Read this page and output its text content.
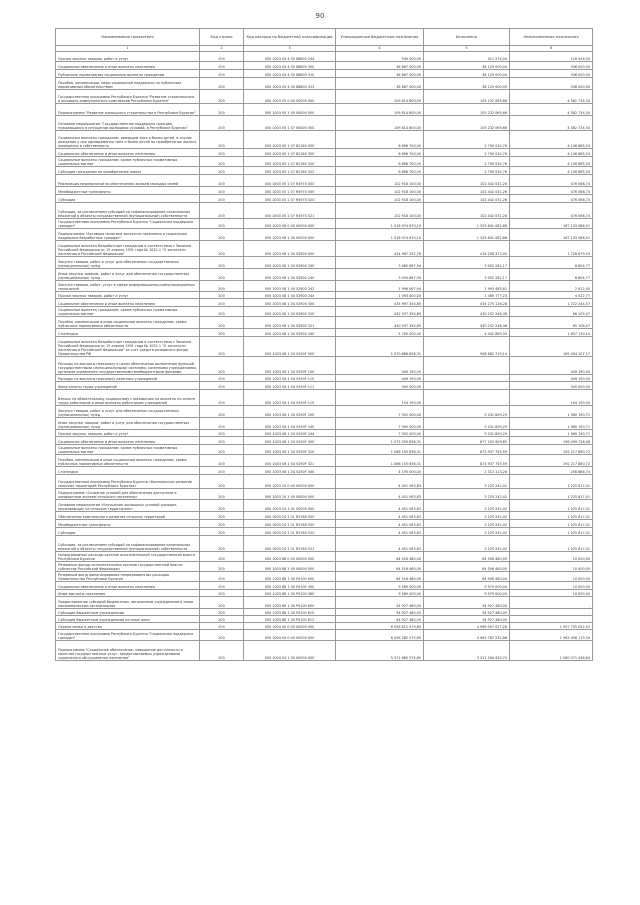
90
Наименование показателя	Код строки	Код расхода по бюджетной классификации	Утвержденные бюджетные назначения	Исполнено	Неисполненные назначения
1	2	3	4	5	6
Прочая закупка товаров, работ и услуг	200	000 1003 04 4 00 88800 244	530 000,00	411 574,00	118 426,00
Социальное обеспечение и иные выплаты населению	200	000 1003 04 4 00 88800 300	38 667 000,00	38 129 000,00	538 000,00
Публичные нормативные социальные выплаты гражданам	200	000 1003 04 4 00 88800 310	38 667 000,00	38 129 000,00	538 000,00
Пособия, компенсации, меры социальной поддержки по публичным нормативным обязательствам	200	000 1003 04 4 00 88800 313	38 667 000,00	38 129 000,00	538 000,00
Государственная программа Республики Бурятия "Развитие строительного и жилищно-коммунального комплексов Республики Бурятия"	200	000 1003 05 0 00 00000 000	109 814 800,00	105 232 065,66	4 582 734,34
Подпрограмма "Развитие жилищного строительства в Республике Бурятия"	200	000 1003 05 1 00 00000 000	109 814 800,00	105 232 065,66	4 582 734,34
Основное мероприятие "Государственная поддержка граждан, нуждающихся в улучшении жилищных условий, в Республике Бурятия"	200	000 1003 05 1 07 00000 000	109 814 800,00	105 232 065,66	4 582 734,34
Социальные выплаты гражданам, имеющим трех и более детей, в случае рождения у них одновременно трех и более детей на приобретение жилого помещения в собственность	200	000 1003 05 1 07 82160 000	6 896 700,00	2 790 034,76	4 106 665,24
Социальное обеспечение и иные выплаты населению	200	000 1003 05 1 07 82160 300	6 896 700,00	2 790 034,76	4 106 665,24
Социальные выплаты гражданам, кроме публичных нормативных социальных выплат	200	000 1003 05 1 07 82160 320	6 896 700,00	2 790 034,76	4 106 665,24
Субсидии гражданам на приобретение жилья	200	000 1003 05 1 07 82160 322	6 896 700,00	2 790 034,76	4 106 665,24
Реализация мероприятий по обеспечению жильем молодых семей	200	000 1003 05 1 07 R4970 000	102 918 100,00	102 442 031,26	476 068,74
Межбюджетные трансферты	200	000 1003 05 1 07 R4970 500	102 918 100,00	102 442 031,26	476 068,74
Субсидии	200	000 1003 05 1 07 R4970 520	102 918 100,00	102 442 031,26	476 068,74
Субсидии, за исключением субсидий на софинансирование капитальных вложений в объекты государственной (муниципальной) собственности	200	000 1003 05 1 07 R4970 521	102 918 100,00	102 442 031,26	476 068,74
Государственная программа Республики Бурятия "Социальная поддержка граждан"	200	000 1003 08 0 00 00000 000	1 516 974 670,10	1 329 841 082,68	187 133 586,51
Подпрограмма "Активная политика занятости населения и социальная поддержка безработных граждан"	200	000 1003 08 1 00 00000 000	1 516 974 670,10	1 329 841 082,68	187 133 586,51
Социальные выплаты безработным гражданам в соответствии с Законом Российской Федерации от 19 апреля 1991 года № 1032-1 "О занятости населения в Российской Федерации"	200	000 1003 08 1 04 52900 000	424 987 252,78	418 258 373,45	1 728 879,33
Закупка товаров, работ и услуг для обеспечения государственных (муниципальных) нужд	200	000 1003 08 1 04 52900 200	3 060 867,94	3 052 262,17	8 604,77
Иные закупки товаров, работ и услуг для обеспечения государственных (муниципальных) нужд	200	000 1003 08 1 04 52900 240	3 059 867,94	3 052 262,17	6 604,77
Закупка товаров, работ, услуг в сфере информационно-коммуникационных технологий	200	000 1003 08 1 04 52900 242	1 996 067,94	1 993 485,81	2 612,00
Прочая закупка товаров, работ и услуг	200	000 1003 08 1 04 52900 244	1 093 800,00	1 089 777,23	4 022,77
Социальное обеспечение и иные выплаты населению	200	000 1003 08 1 04 52900 300	435 997 354,85	434 275 116,28	1 722 244,57
Социальные выплаты гражданам, кроме публичных нормативных социальных выплат	200	000 1003 08 1 04 52900 320	432 297 354,85	430 232 246,38	66 105,47
Пособия, компенсации и иные социальные выплаты гражданам, кроме публичных нормативных обязательств	200	000 1003 08 1 04 52900 321	430 297 354,85	430 232 246,38	65 108,47
Стипендии	200	000 1003 08 1 04 52900 340	5 700 000,00	4 042 869,90	1 657 130,10
Социальные выплаты безработным гражданам в соответствии с Законом Российской Федерации от 19 апреля 1991 года № 1032-1 "О занятости населения в Российской Федерации" за счет средств резервного фонда Правительства РФ	200	000 1003 08 1 04 5290F 000	1 070 866 626,31	908 682 719,14	185 004 107,17
Расходы на выплаты персоналу в целях обеспечения выполнения функций государственными (муниципальными) органами, казенными учреждениями, органами управления государственными внебюджетными фондами	200	000 1003 08 1 04 5290F 100	449 190,00	-	449 190,00
Расходы на выплаты персоналу казенных учреждений	200	000 1003 08 1 04 5290F 110	449 190,00	-	449 190,00
Фонд оплаты труда учреждений	200	000 1003 08 1 04 5290F 111	345 000,00	-	345 000,00
Взносы по обязательному социальному страхованию на выплаты по оплате труда работников и иные выплаты работникам учреждений	200	000 1003 08 1 04 5290F 119	104 190,00	-	104 190,00
Закупка товаров, работ и услуг для обеспечения государственных (муниципальных) нужд	200	000 1003 08 1 04 5290F 200	7 392 000,00	5 431 809,29	1 960 190,71
Иные закупки товаров, работ и услуг для обеспечения государственных (муниципальных) нужд	200	000 1003 08 1 04 5290F 240	7 392 000,00	5 431 809,29	1 960 190,71
Прочая закупка товаров, работ и услуг	200	000 1003 08 1 04 5290F 244	7 392 000,00	5 431 809,29	1 960 190,71
Социальное обеспечение и иные выплаты населению	200	000 1003 08 1 04 5290F 300	1 073 350 636,31	877 250 909,85	196 099 726,46
Социальные выплаты гражданам, кроме публичных нормативных социальных выплат	200	000 1003 08 1 04 5290F 320	1 066 155 636,31	873 937 755,59	192 217 880,72
Пособия, компенсации и иные социальные выплаты гражданам, кроме публичных нормативных обязательств	200	000 1003 08 1 04 5290F 321	1 066 155 636,31	873 937 755,59	192 217 880,72
Стипендии	200	000 1003 08 1 04 5290F 340	4 195 000,00	2 313 113,26	256 886,74
Государственная программа Республики Бурятия «Комплексное развитие сельских территорий Республики Бурятия»	200	000 1003 24 0 00 00000 000	4 451 063,83	3 225 242,42	1 225 817,41
Подпрограмма «Создание условий для обеспечения доступным и комфортным жильем сельского населения»	200	000 1003 24 1 00 00000 000	4 451 063,83	3 225 242,42	1 225 817,41
Основное мероприятие «Улучшение жилищных условий граждан, проживающих на сельских территориях»	200	000 1003 24 1 01 00000 000	4 451 063,83	3 225 242,42	1 225 817,41
Обеспечение комплексного развития сельских территорий	200	000 1003 24 1 01 R5760 000	4 451 063,83	3 225 242,42	1 225 817,41
Межбюджетные трансферты	200	000 1003 24 1 01 R5760 500	4 451 063,83	3 225 242,42	1 225 817,41
Субсидии	200	000 1003 24 1 01 R5760 520	4 451 063,83	3 225 242,42	1 225 817,41
Субсидии, за исключением субсидий на софинансирование капитальных вложений в объекты государственной (муниципальной) собственности	200	000 1003 24 1 01 R5760 521	4 451 063,83	3 225 242,42	1 225 817,41
Непрограммные расходы органов исполнительной государственной власти Республики Бурятия	200	000 1003 88 0 00 00000 000	64 516 480,00	64 506 480,00	10 000,00
Резервные фонды исполнительных органов государственной власти субъектов Российской Федерации	200	000 1003 88 1 00 00000 000	64 516 480,00	64 506 480,00	10 000,00
Резервный фонд финансирования непредвиденных расходов Правительства Республики Бурятия	200	000 1003 88 1 00 P0100 000	64 516 480,00	64 506 480,00	10 000,00
Социальное обеспечение и иные выплаты населению	200	000 1003 88 1 00 P0100 300	9 589 000,00	9 579 000,00	10 000,00
Иные выплаты населению	200	000 1003 88 1 00 P0100 360	9 589 000,00	9 579 000,00	10 000,00
Предоставление субсидий бюджетным, автономным учреждениям и иным некоммерческим организациям	200	000 1003 88 1 00 P0100 600	54 927 480,00	54 927 480,00	-
Субсидии бюджетным учреждениям	200	000 1003 88 1 00 P0100 610	54 927 480,00	54 927 480,00	-
Субсидии бюджетным учреждениям на иные цели	200	000 1003 88 1 00 P0100 612	54 927 480,00	54 927 480,00	-
Охрана семьи и детства	200	000 1004 00 0 00 00000 000	6 926 812 079,80	4 969 057 027,28	1 957 755 052,52
Государственная программа Республики Бурятия "Социальная поддержка граждан"	200	000 1004 04 0 00 00000 000	6 926 282 075,80	4 963 787 232,86	1 962 456 179,34
Подпрограмма "Социальное обеспечение, повышение доступности и качества государственных услуг, предоставляемых учреждениями социального обслуживания населения"	200	000 1004 04 1 00 00000 000	5 371 665 574,80	3 311 184 430,74	1 560 071 436,64
